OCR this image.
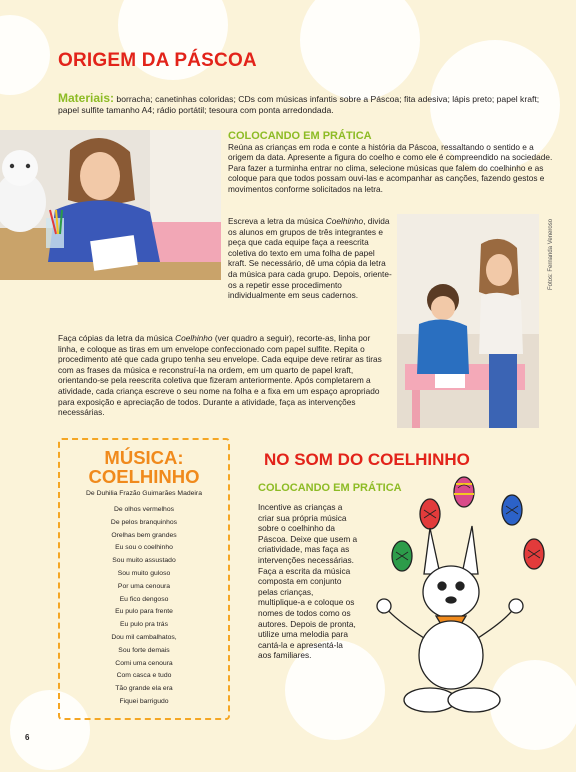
ORIGEM DA PÁSCOA
Materiais: borracha; canetinhas coloridas; CDs com músicas infantis sobre a Páscoa; fita adesiva; lápis preto; papel kraft; papel sulfite tamanho A4; rádio portátil; tesoura com ponta arredondada.
COLOCANDO EM PRÁTICA
Reúna as crianças em roda e conte a história da Páscoa, ressaltando o sentido e a origem da data. Apresente a figura do coelho e como ele é compreendido na sociedade. Para fazer a turminha entrar no clima, selecione músicas que falem do coelhinho e as coloque para que todos possam ouvi-las e acompanhar as canções, fazendo gestos e movimentos conforme solicitados na letra.
Escreva a letra da música Coelhinho, divida os alunos em grupos de três integrantes e peça que cada equipe faça a reescrita coletiva do texto em uma folha de papel kraft. Se necessário, dê uma cópia da letra da música para cada grupo. Depois, oriente-os a repetir esse procedimento individualmente em seus cadernos.
Fotos: Fernanda Veneroso
Faça cópias da letra da música Coelhinho (ver quadro a seguir), recorte-as, linha por linha, e coloque as tiras em um envelope confeccionado com papel sulfite. Repita o procedimento até que cada grupo tenha seu envelope. Cada equipe deve retirar as tiras com as frases da música e reconstruí-la na ordem, em um quarto de papel kraft, orientando-se pela reescrita coletiva que fizeram anteriormente. Após completarem a atividade, cada criança escreve o seu nome na folha e a fixa em um espaço apropriado para exposição e apreciação de todos. Durante a atividade, faça as intervenções necessárias.
MÚSICA:
COELHINHO
De Duhilia Frazão Guimarães Madeira
De olhos vermelhos
De pelos branquinhos
Orelhas bem grandes
Eu sou o coelhinho
Sou muito assustado
Sou muito guloso
Por uma cenoura
Eu fico dengoso
Eu pulo para frente
Eu pulo pra trás
Dou mil cambalhatos,
Sou forte demais
Comi uma cenoura
Com casca e tudo
Tão grande ela era
Fiquei barrigudo
NO SOM DO COELHINHO
COLOCANDO EM PRÁTICA
Incentive as crianças a criar sua própria música sobre o coelhinho da Páscoa. Deixe que usem a criatividade, mas faça as intervenções necessárias. Faça a escrita da música composta em conjunto pelas crianças, multiplique-a e coloque os nomes de todos como os autores. Depois de pronta, utilize uma melodia para cantá-la e apresentá-la aos familiares.
6
